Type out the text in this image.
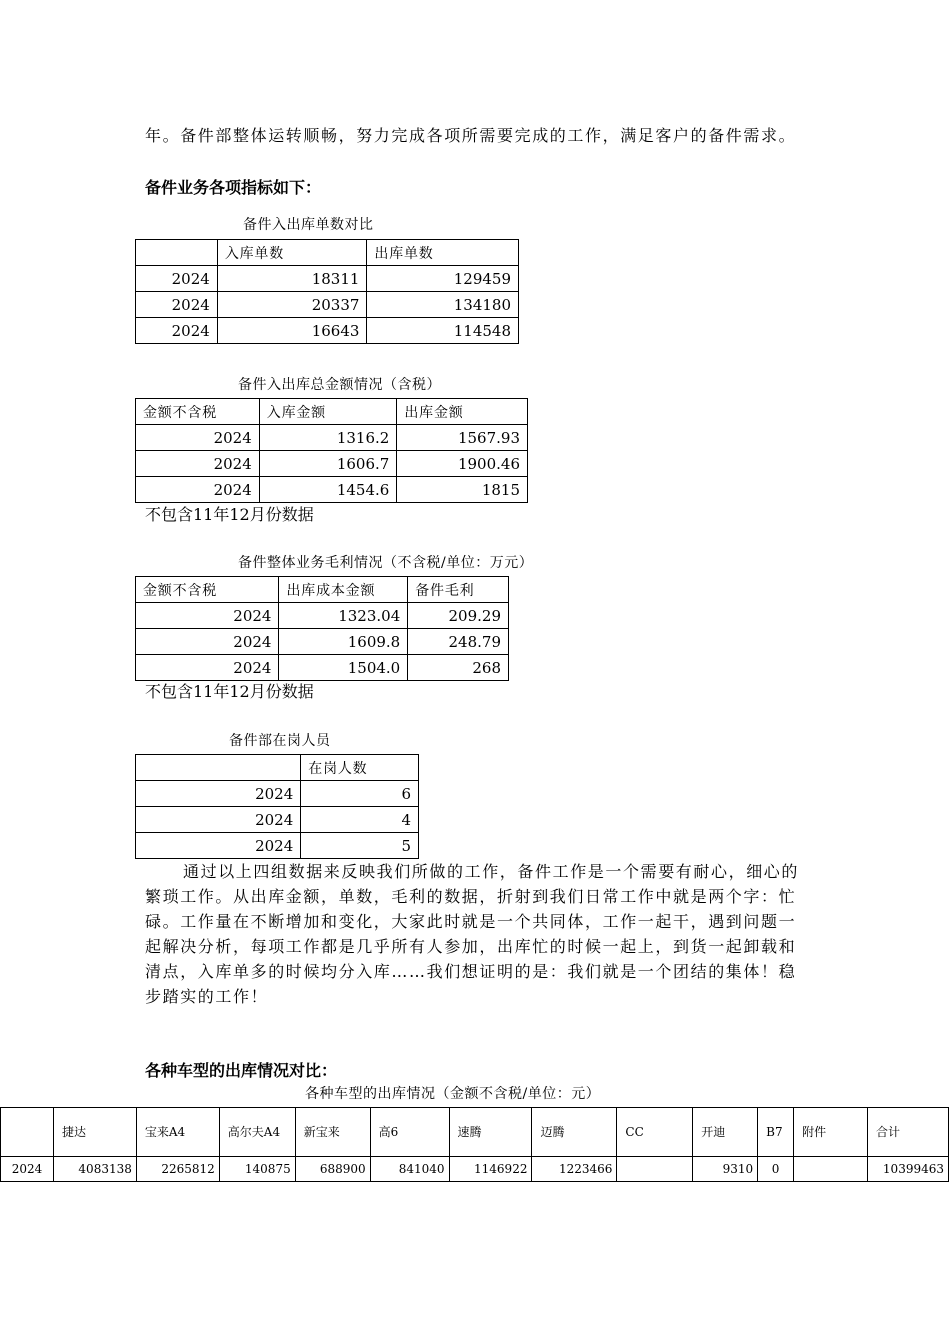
年。备件部整体运转顺畅，努力完成各项所需要完成的工作，满足客户的备件需求。

备件业务各项指标如下：

备件入出库单数对比

	入库单数	出库单数
2024	18311	129459
2024	20337	134180
2024	16643	114548

备件入出库总金额情况（含税）

金额不含税	入库金额	出库金额
2024	1316.2	1567.93
2024	1606.7	1900.46
2024	1454.6	1815

不包含11年12月份数据

备件整体业务毛利情况（不含税/单位：万元）

金额不含税	出库成本金额	备件毛利
2024	1323.04	209.29
2024	1609.8	248.79
2024	1504.0	268

不包含11年12月份数据

备件部在岗人员

	在岗人数
2024	6
2024	4
2024	5

通过以上四组数据来反映我们所做的工作，备件工作是一个需要有耐心，细心的繁琐工作。从出库金额，单数，毛利的数据，折射到我们日常工作中就是两个字：忙碌。工作量在不断增加和变化，大家此时就是一个共同体，工作一起干，遇到问题一起解决分析，每项工作都是几乎所有人参加，出库忙的时候一起上，到货一起卸载和清点，入库单多的时候均分入库……我们想证明的是：我们就是一个团结的集体！稳步踏实的工作！

各种车型的出库情况对比：

各种车型的出库情况（金额不含税/单位：元）

	捷达	宝来A4	高尔夫A4	新宝来	高6	速腾	迈腾	CC	开迪	B7	附件	合计
2024	4083138	2265812	140875	688900	841040	1146922	1223466		9310	0		10399463
